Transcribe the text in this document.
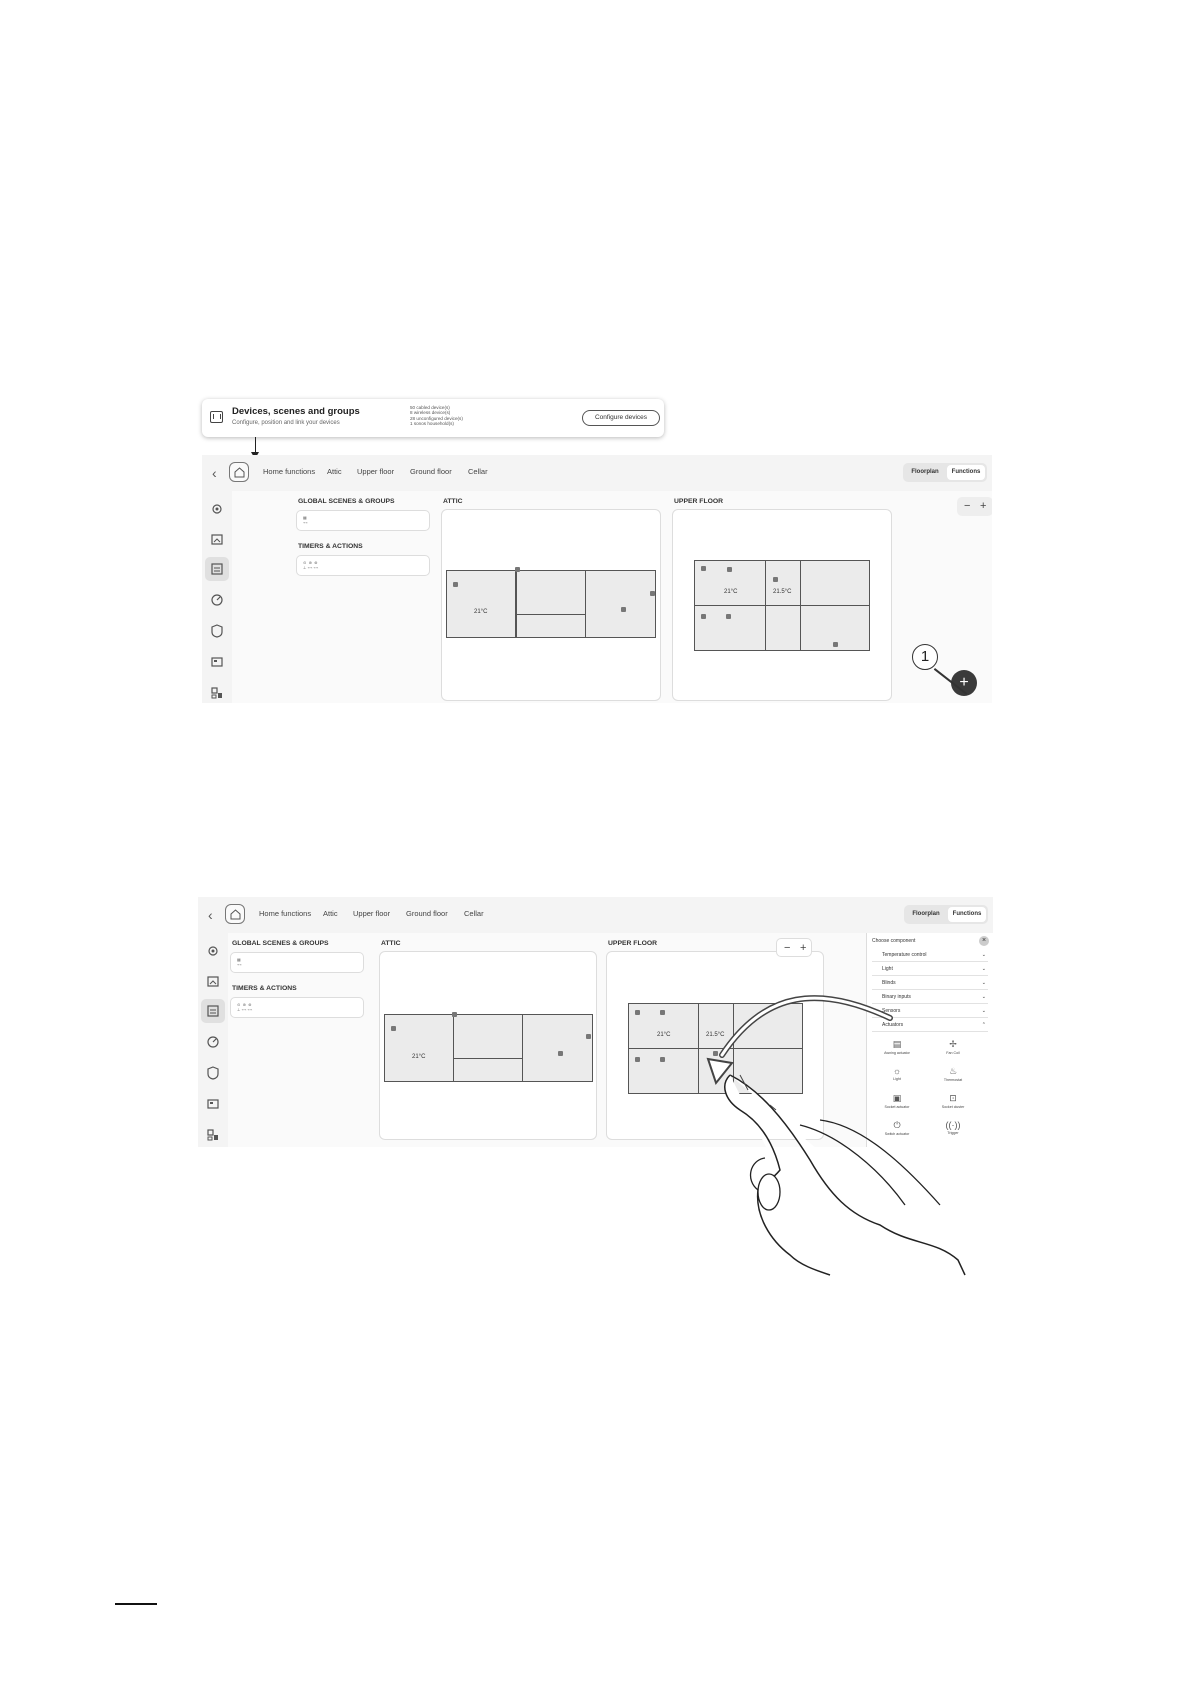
Devices, scenes and groups
Configure, position and link your devices
50 cabled device(s)
8 wireless device(s)
28 unconfigured device(s)
1 sonos household(s)
Configure devices
‹	Home functions Attic Upper floor Ground floor Cellar	Floorplan	Functions
GLOBAL SCENES & GROUPS
▦
⌁⌁
TIMERS & ACTIONS
⊙  ⊛  ⊛
⊥ ⌁⌁ ⌁⌁
ATTIC
21°C
UPPER FLOOR
21°C	21.5°C
− +
+
1
‹	Home functions Attic Upper floor Ground floor Cellar	Floorplan	Functions
GLOBAL SCENES & GROUPS
▦
⌁⌁
TIMERS & ACTIONS
⊙  ⊛  ⊛
⊥ ⌁⌁ ⌁⌁
ATTIC
21°C
UPPER FLOOR
21°C	21.5°C
− +
Choose component	×
Temperature control	⌄
Light	⌄
Blinds	⌄
Binary inputs	⌄
Sensors	⌄
Actuators	⌃
▤
Awning actuator
✢
Fan Coil
☼
Light
♨
Thermostat
▣
Socket actuator
⊡
Socket cluster
⏻
Switch actuator
((·))
Trigger
